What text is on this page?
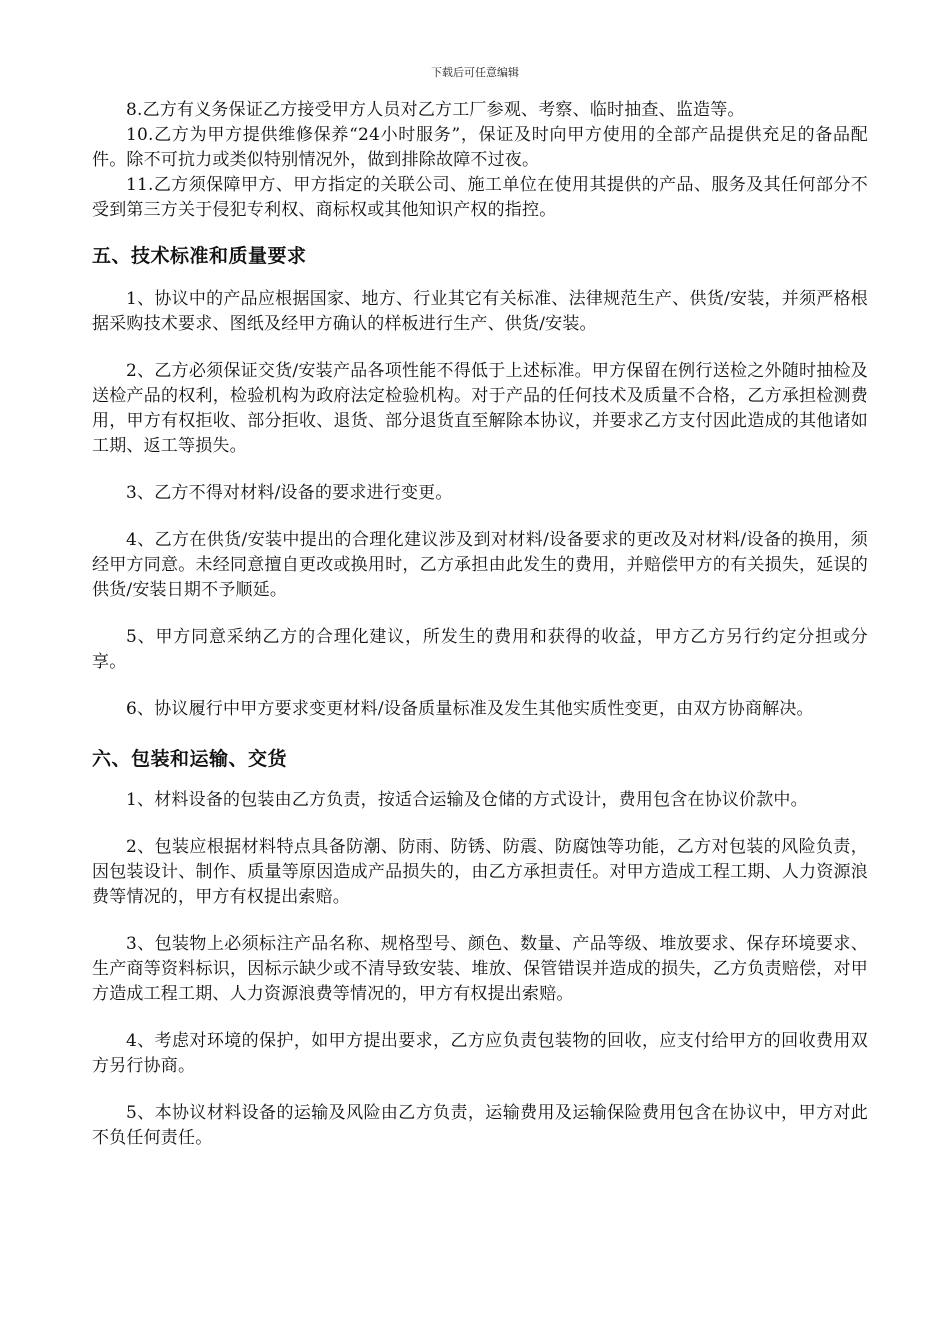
下载后可任意编辑

8.乙方有义务保证乙方接受甲方人员对乙方工厂参观、考察、临时抽查、监造等。

10.乙方为甲方提供维修保养“24小时服务”，保证及时向甲方使用的全部产品提供充足的备品配件。除不可抗力或类似特别情况外，做到排除故障不过夜。

11.乙方须保障甲方、甲方指定的关联公司、施工单位在使用其提供的产品、服务及其任何部分不受到第三方关于侵犯专利权、商标权或其他知识产权的指控。

五、技术标准和质量要求

1、协议中的产品应根据国家、地方、行业其它有关标准、法律规范生产、供货/安装，并须严格根据采购技术要求、图纸及经甲方确认的样板进行生产、供货/安装。

2、乙方必须保证交货/安装产品各项性能不得低于上述标准。甲方保留在例行送检之外随时抽检及送检产品的权利，检验机构为政府法定检验机构。对于产品的任何技术及质量不合格，乙方承担检测费用，甲方有权拒收、部分拒收、退货、部分退货直至解除本协议，并要求乙方支付因此造成的其他诸如工期、返工等损失。

3、乙方不得对材料/设备的要求进行变更。

4、乙方在供货/安装中提出的合理化建议涉及到对材料/设备要求的更改及对材料/设备的换用，须经甲方同意。未经同意擅自更改或换用时，乙方承担由此发生的费用，并赔偿甲方的有关损失，延误的供货/安装日期不予顺延。

5、甲方同意采纳乙方的合理化建议，所发生的费用和获得的收益，甲方乙方另行约定分担或分享。

6、协议履行中甲方要求变更材料/设备质量标准及发生其他实质性变更，由双方协商解决。

六、包装和运输、交货

1、材料设备的包装由乙方负责，按适合运输及仓储的方式设计，费用包含在协议价款中。

2、包装应根据材料特点具备防潮、防雨、防锈、防震、防腐蚀等功能，乙方对包装的风险负责，因包装设计、制作、质量等原因造成产品损失的，由乙方承担责任。对甲方造成工程工期、人力资源浪费等情况的，甲方有权提出索赔。

3、包装物上必须标注产品名称、规格型号、颜色、数量、产品等级、堆放要求、保存环境要求、生产商等资料标识，因标示缺少或不清导致安装、堆放、保管错误并造成的损失，乙方负责赔偿，对甲方造成工程工期、人力资源浪费等情况的，甲方有权提出索赔。

4、考虑对环境的保护，如甲方提出要求，乙方应负责包装物的回收，应支付给甲方的回收费用双方另行协商。

5、本协议材料设备的运输及风险由乙方负责，运输费用及运输保险费用包含在协议中，甲方对此不负任何责任。
